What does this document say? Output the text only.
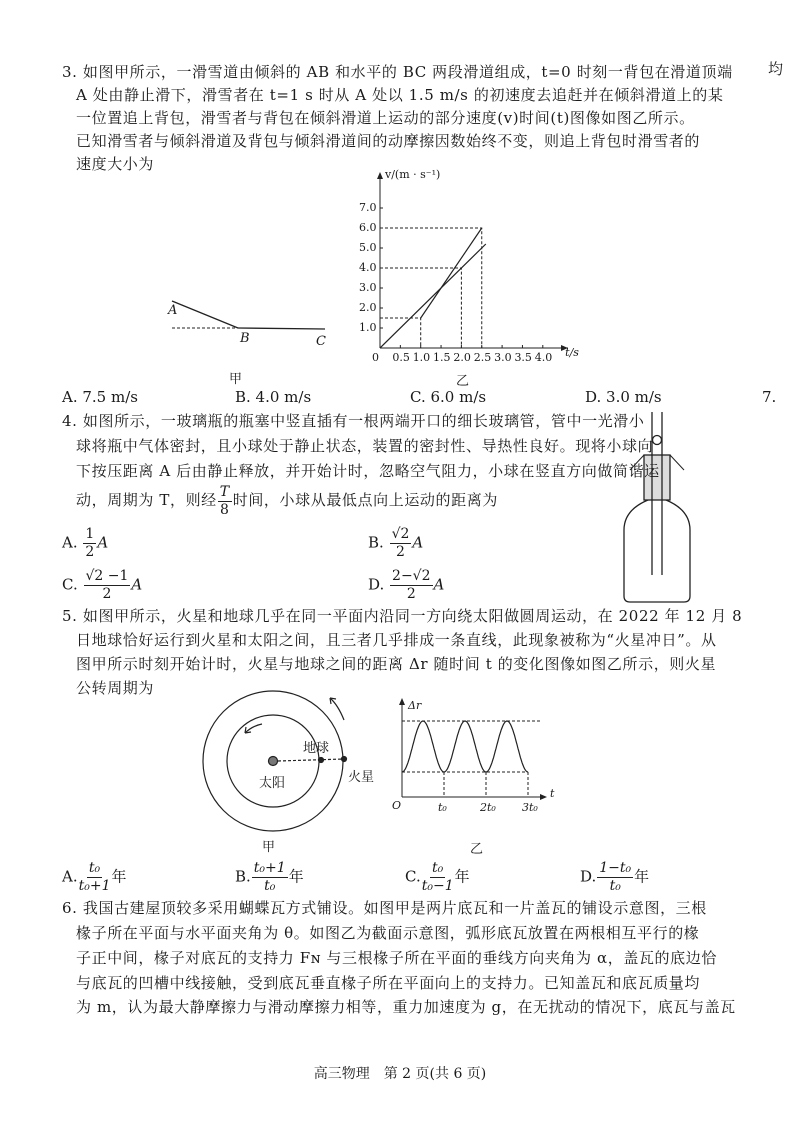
均
7.
3. 如图甲所示，一滑雪道由倾斜的 AB 和水平的 BC 两段滑道组成，t=0 时刻一背包在滑道顶端
A 处由静止滑下，滑雪者在 t=1 s 时从 A 处以 1.5 m/s 的初速度去追赶并在倾斜滑道上的某
一位置追上背包，滑雪者与背包在倾斜滑道上运动的部分速度(v)时间(t)图像如图乙所示。
已知滑雪者与倾斜滑道及背包与倾斜滑道间的动摩擦因数始终不变，则追上背包时滑雪者的
速度大小为
A
B	C
甲	乙
A. 7.5 m/s	B. 4.0 m/s	C. 6.0 m/s	D. 3.0 m/s
4. 如图所示，一玻璃瓶的瓶塞中竖直插有一根两端开口的细长玻璃管，管中一光滑小
球将瓶中气体密封，且小球处于静止状态，装置的密封性、导热性良好。现将小球向
下按压距离 A 后由静止释放，并开始计时，忽略空气阻力，小球在竖直方向做简谐运
动，周期为 T，则经 $\frac{T}{8}$ 时间，小球从最低点向上运动的距离为
A. $\frac{1}{2}$ A	B. $\frac{√2}{2}$ A
C. $\frac{√2 -1}{2}$ A	D. $\frac{2-√2}{2}$ A
5. 如图甲所示，火星和地球几乎在同一平面内沿同一方向绕太阳做圆周运动，在 2022 年 12 月 8
日地球恰好运行到火星和太阳之间，且三者几乎排成一条直线，此现象被称为“火星冲日”。从
图甲所示时刻开始计时，火星与地球之间的距离 Δr 随时间 t 的变化图像如图乙所示，则火星
公转周期为
地球
太阳	火星
甲	乙
A. $\frac{\text{t₀}}{\text{t₀+1}}$ 年	B. $\frac{\text{t₀+1}}{\text{t₀}}$ 年	C. $\frac{\text{t₀}}{\text{t₀−1}}$ 年	D. $\frac{\text{1−t₀}}{\text{t₀}}$ 年
6. 我国古建屋顶较多采用蝴蝶瓦方式铺设。如图甲是两片底瓦和一片盖瓦的铺设示意图，三根
椽子所在平面与水平面夹角为 θ。如图乙为截面示意图，弧形底瓦放置在两根相互平行的椽
子正中间，椽子对底瓦的支持力 Fɴ 与三根椽子所在平面的垂线方向夹角为 α，盖瓦的底边恰
与底瓦的凹槽中线接触，受到底瓦垂直椽子所在平面向上的支持力。已知盖瓦和底瓦质量均
为 m，认为最大静摩擦力与滑动摩擦力相等，重力加速度为 g，在无扰动的情况下，底瓦与盖瓦
高三物理　第 2 页(共 6 页)
0.5 1.0 1.5 2.0 2.5 3.0 3.5 4.0
1.0
2.0
3.0
4.0
5.0
6.0
7.0
0	t/s
v/(m · s⁻¹)
t₀	2t₀ 3t₀
O
t
Δr
